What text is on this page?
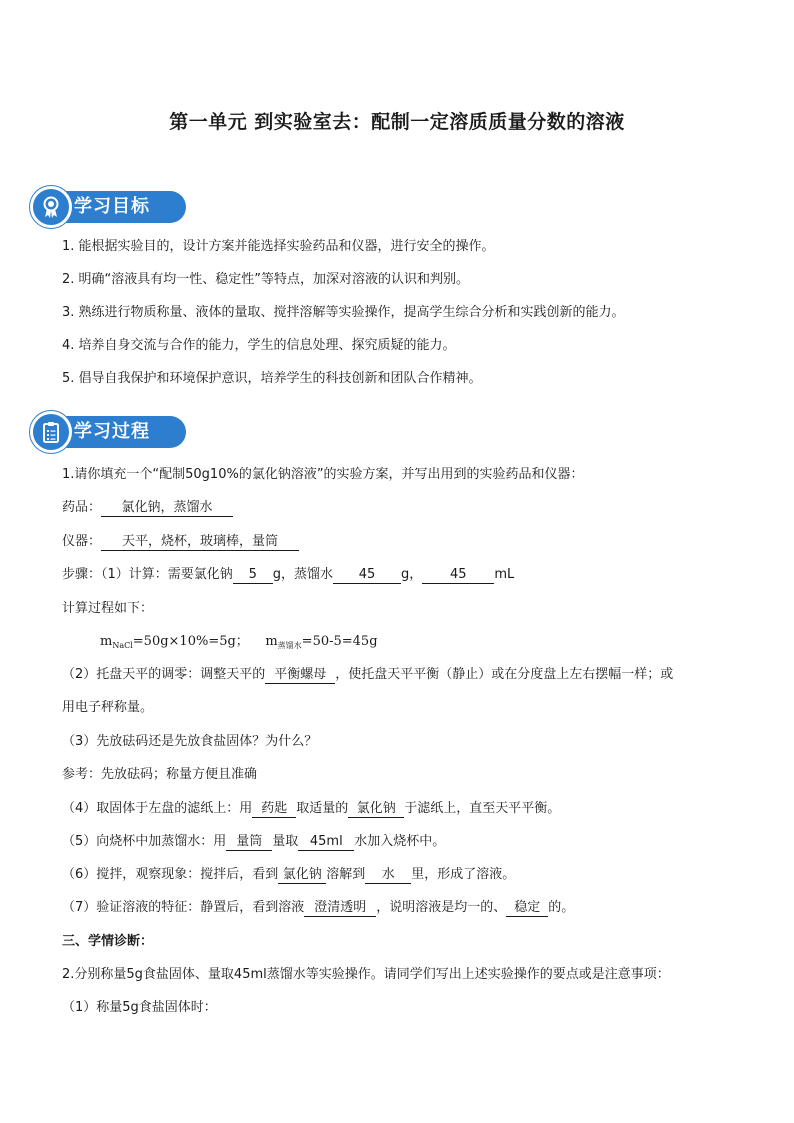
第一单元 到实验室去：配制一定溶质质量分数的溶液
学习目标
1. 能根据实验目的，设计方案并能选择实验药品和仪器，进行安全的操作。
2. 明确“溶液具有均一性、稳定性”等特点，加深对溶液的认识和判别。
3. 熟练进行物质称量、液体的量取、搅拌溶解等实验操作，提高学生综合分析和实践创新的能力。
4. 培养自身交流与合作的能力，学生的信息处理、探究质疑的能力。
5. 倡导自我保护和环境保护意识，培养学生的科技创新和团队合作精神。
学习过程
1.请你填充一个“配制50g10%的氯化钠溶液”的实验方案，并写出用到的实验药品和仪器：
药品： 氯化钠，蒸馏水
仪器： 天平，烧杯，玻璃棒，量筒
步骤：（1）计算：需要氯化钠 5 g，蒸馏水 45 g， 45 mL
计算过程如下：
$m_{NaCl}=50g\times 10\%=5g$； $m_{蒸馏水}=50-5=45g$
（2）托盘天平的调零：调整天平的 平衡螺母 ，使托盘天平平衡（静止）或在分度盘上左右摆幅一样；或
用电子秤称量。
（3）先放砝码还是先放食盐固体？为什么？
参考：先放砝码；称量方便且准确
（4）取固体于左盘的滤纸上：用 药匙 取适量的 氯化钠 于滤纸上，直至天平平衡。
（5）向烧杯中加蒸馏水：用 量筒 量取 45ml 水加入烧杯中。
（6）搅拌，观察现象：搅拌后，看到 氯化钠 溶解到 水 里，形成了溶液。
（7）验证溶液的特征：静置后，看到溶液 澄清透明 ，说明溶液是均一的、 稳定 的。
三、学情诊断：
2.分别称量5g食盐固体、量取45ml蒸馏水等实验操作。请同学们写出上述实验操作的要点或是注意事项：
（1）称量5g食盐固体时：
